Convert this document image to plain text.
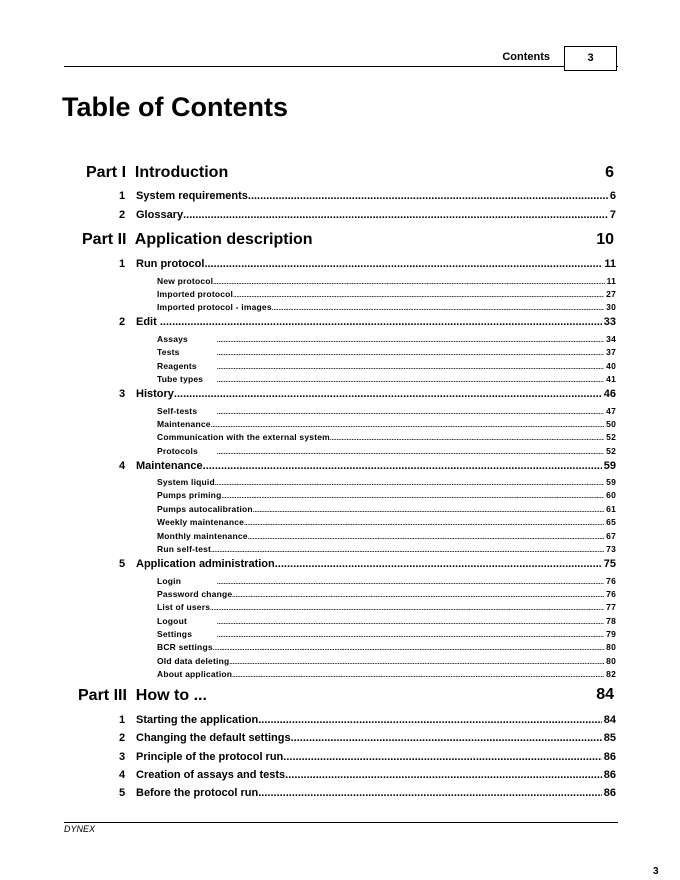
Contents	3
Table of Contents
Part I Introduction	6
1 System requirements .....	6
2 Glossary .....	7
Part II Application description	10
1 Run protocol .....	11
New protocol .....	11
Imported protocol .....	27
Imported protocol - images .....	30
2 Edit .....	33
Assays .....	34
Tests .....	37
Reagents .....	40
Tube types .....	41
3 History .....	46
Self-tests .....	47
Maintenance .....	50
Communication with the external system .....	52
Protocols .....	52
4 Maintenance .....	59
System liquid .....	59
Pumps priming .....	60
Pumps autocalibration .....	61
Weekly maintenance .....	65
Monthly maintenance .....	67
Run self-test .....	73
5 Application administration .....	75
Login .....	76
Password change .....	76
List of users .....	77
Logout .....	78
Settings .....	79
BCR settings .....	80
Old data deleting .....	80
About application .....	82
Part III How to ...	84
1 Starting the application .....	84
2 Changing the default settings .....	85
3 Principle of the protocol run .....	86
4 Creation of assays and tests .....	86
5 Before the protocol run .....	86
DYNEX
3
